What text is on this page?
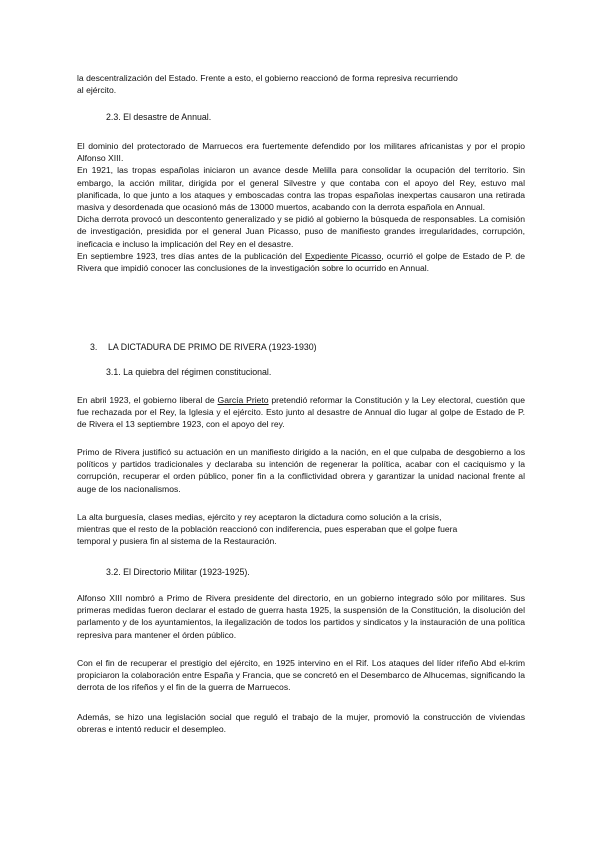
la descentralización del Estado. Frente a esto, el gobierno reaccionó de forma represiva recurriendo
al ejército.

2.3. El desastre de Annual.

El dominio del protectorado de Marruecos era fuertemente defendido por los militares africanistas y por el propio Alfonso XIII.
En 1921, las tropas españolas iniciaron un avance desde Melilla para consolidar la ocupación del territorio. Sin embargo, la acción militar, dirigida por el general Silvestre y que contaba con el apoyo del Rey, estuvo mal planificada, lo que junto a los ataques y emboscadas contra las tropas españolas inexpertas causaron una retirada masiva y desordenada que ocasionó más de 13000 muertos, acabando con la derrota española en Annual.
Dicha derrota provocó un descontento generalizado y se pidió al gobierno la búsqueda de responsables. La comisión de investigación, presidida por el general Juan Picasso, puso de manifiesto grandes irregularidades, corrupción, ineficacia e incluso la implicación del Rey en el desastre.
En septiembre 1923, tres días antes de la publicación del Expediente Picasso, ocurrió el golpe de Estado de P. de Rivera que impidió conocer las conclusiones de la investigación sobre lo ocurrido en Annual.

3. LA DICTADURA DE PRIMO DE RIVERA (1923-1930)

3.1. La quiebra del régimen constitucional.

En abril 1923, el gobierno liberal de García Prieto pretendió reformar la Constitución y la Ley electoral, cuestión que fue rechazada por el Rey, la Iglesia y el ejército. Esto junto al desastre de Annual dio lugar al golpe de Estado de P. de Rivera el 13 septiembre 1923, con el apoyo del rey.
Primo de Rivera justificó su actuación en un manifiesto dirigido a la nación, en el que culpaba de desgobierno a los políticos y partidos tradicionales y declaraba su intención de regenerar la política, acabar con el caciquismo y la corrupción, recuperar el orden público, poner fin a la conflictividad obrera y garantizar la unidad nacional frente al auge de los nacionalismos.
La alta burguesía, clases medias, ejército y rey aceptaron la dictadura como solución a la crisis,
mientras que el resto de la población reaccionó con indiferencia, pues esperaban que el golpe fuera
temporal y pusiera fin al sistema de la Restauración.

3.2. El Directorio Militar (1923-1925).

Alfonso XIII nombró a Primo de Rivera presidente del directorio, en un gobierno integrado sólo por militares. Sus primeras medidas fueron declarar el estado de guerra hasta 1925, la suspensión de la Constitución, la disolución del parlamento y de los ayuntamientos, la ilegalización de todos los partidos y sindicatos y la instauración de una política represiva para mantener el órden público.
Con el fin de recuperar el prestigio del ejército, en 1925 intervino en el Rif. Los ataques del líder rifeño Abd el-krim propiciaron la colaboración entre España y Francia, que se concretó en el Desembarco de Alhucemas, significando la derrota de los rifeños y el fin de la guerra de Marruecos.
Además, se hizo una legislación social que reguló el trabajo de la mujer, promovió la construcción de viviendas obreras e intentó reducir el desempleo.
